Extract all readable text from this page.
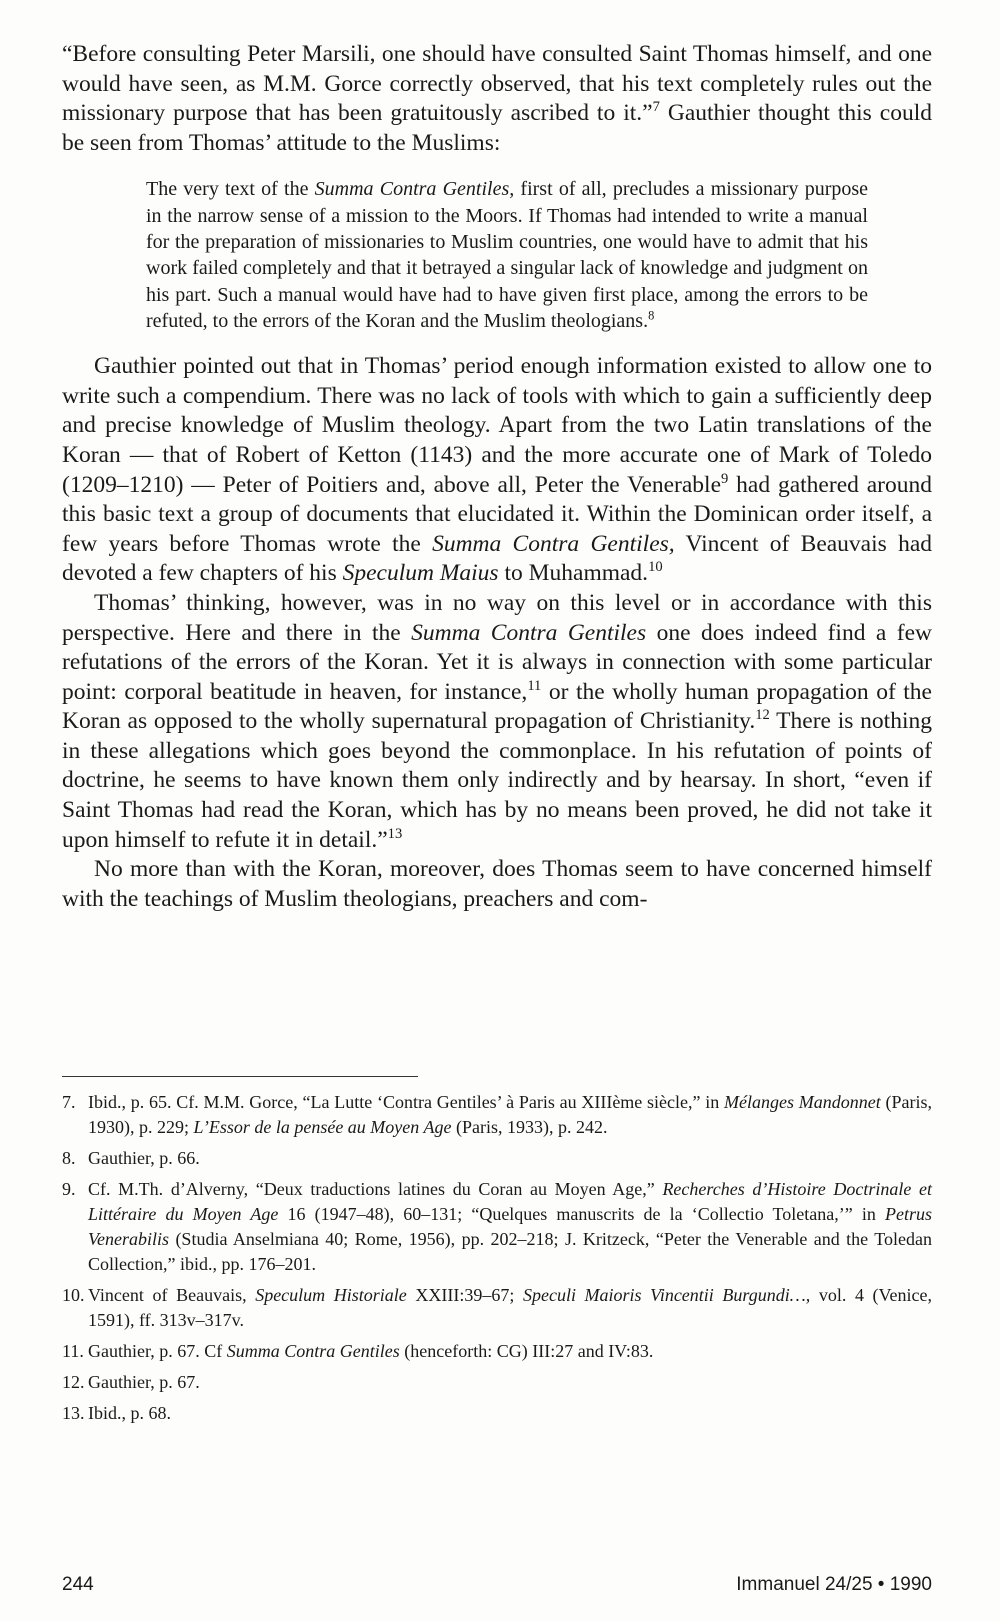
“Before consulting Peter Marsili, one should have consulted Saint Thomas himself, and one would have seen, as M.M. Gorce correctly observed, that his text completely rules out the missionary purpose that has been gratuitously ascribed to it.”$^7$ Gauthier thought this could be seen from Thomas’ attitude to the Muslims:

The very text of the Summa Contra Gentiles, first of all, precludes a missionary purpose in the narrow sense of a mission to the Moors. If Thomas had intended to write a manual for the preparation of missionaries to Muslim countries, one would have to admit that his work failed completely and that it betrayed a singular lack of knowledge and judgment on his part. Such a manual would have had to have given first place, among the errors to be refuted, to the errors of the Koran and the Muslim theologians.$^8$

Gauthier pointed out that in Thomas’ period enough information existed to allow one to write such a compendium. There was no lack of tools with which to gain a sufficiently deep and precise knowledge of Muslim theology. Apart from the two Latin translations of the Koran — that of Robert of Ketton (1143) and the more accurate one of Mark of Toledo (1209–1210) — Peter of Poitiers and, above all, Peter the Venerable$^9$ had gathered around this basic text a group of documents that elucidated it. Within the Dominican order itself, a few years before Thomas wrote the Summa Contra Gentiles, Vincent of Beauvais had devoted a few chapters of his Speculum Maius to Muhammad.$^{10}$

Thomas’ thinking, however, was in no way on this level or in accordance with this perspective. Here and there in the Summa Contra Gentiles one does indeed find a few refutations of the errors of the Koran. Yet it is always in connection with some particular point: corporal beatitude in heaven, for instance,$^{11}$ or the wholly human propagation of the Koran as opposed to the wholly supernatural propagation of Christianity.$^{12}$ There is nothing in these allegations which goes beyond the commonplace. In his refutation of points of doctrine, he seems to have known them only indirectly and by hearsay. In short, “even if Saint Thomas had read the Koran, which has by no means been proved, he did not take it upon himself to refute it in detail.”$^{13}$

No more than with the Koran, moreover, does Thomas seem to have concerned himself with the teachings of Muslim theologians, preachers and com-

7. Ibid., p. 65. Cf. M.M. Gorce, “La Lutte ‘Contra Gentiles’ à Paris au XIIIème siècle,” in Mélanges Mandonnet (Paris, 1930), p. 229; L’Essor de la pensée au Moyen Age (Paris, 1933), p. 242.
8. Gauthier, p. 66.
9. Cf. M.Th. d’Alverny, “Deux traductions latines du Coran au Moyen Age,” Recherches d’Histoire Doctrinale et Littéraire du Moyen Age 16 (1947–48), 60–131; “Quelques manuscrits de la ‘Collectio Toletana,’” in Petrus Venerabilis (Studia Anselmiana 40; Rome, 1956), pp. 202–218; J. Kritzeck, “Peter the Venerable and the Toledan Collection,” ibid., pp. 176–201.
10. Vincent of Beauvais, Speculum Historiale XXIII:39–67; Speculi Maioris Vincentii Burgundi…, vol. 4 (Venice, 1591), ff. 313v–317v.
11. Gauthier, p. 67. Cf Summa Contra Gentiles (henceforth: CG) III:27 and IV:83.
12. Gauthier, p. 67.
13. Ibid., p. 68.
244	Immanuel 24/25 • 1990
